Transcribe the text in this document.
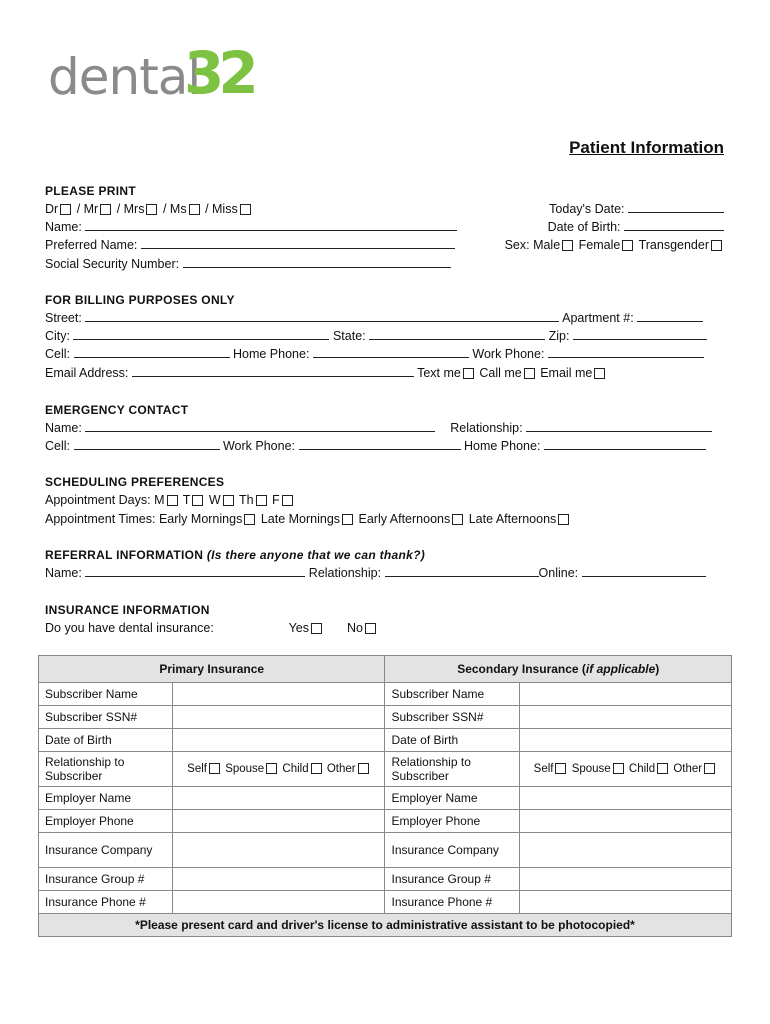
dental
32
Patient Information
PLEASE PRINT
Dr / Mr / Mrs / Ms / Miss	Today's Date:
Name:	Date of Birth:
Preferred Name:	Sex: Male Female Transgender
Social Security Number:
FOR BILLING PURPOSES ONLY
Street:	Apartment #:
City:	State:	Zip:
Cell:	Home Phone:	Work Phone:
Email Address:	Text me Call me Email me
EMERGENCY CONTACT
Name:	Relationship:
Cell:	Work Phone:	Home Phone:
SCHEDULING PREFERENCES
Appointment Days: M T W Th F
Appointment Times: Early Mornings Late Mornings Early Afternoons Late Afternoons
REFERRAL INFORMATION (Is there anyone that we can thank?)
Name:	Relationship:	Online:
INSURANCE INFORMATION
Do you have dental insurance:	Yes	No
Primary Insurance		Secondary Insurance (if applicable)	
Subscriber Name		Subscriber Name	
Subscriber SSN#		Subscriber SSN#	
Date of Birth		Date of Birth	
Relationship to Subscriber	Self Spouse Child Other	Relationship to Subscriber	Self Spouse Child Other
Employer Name		Employer Name	
Employer Phone		Employer Phone	
Insurance Company		Insurance Company	
Insurance Group #		Insurance Group #	
Insurance Phone #		Insurance Phone #	
*Please present card and driver's license to administrative assistant to be photocopied*			
